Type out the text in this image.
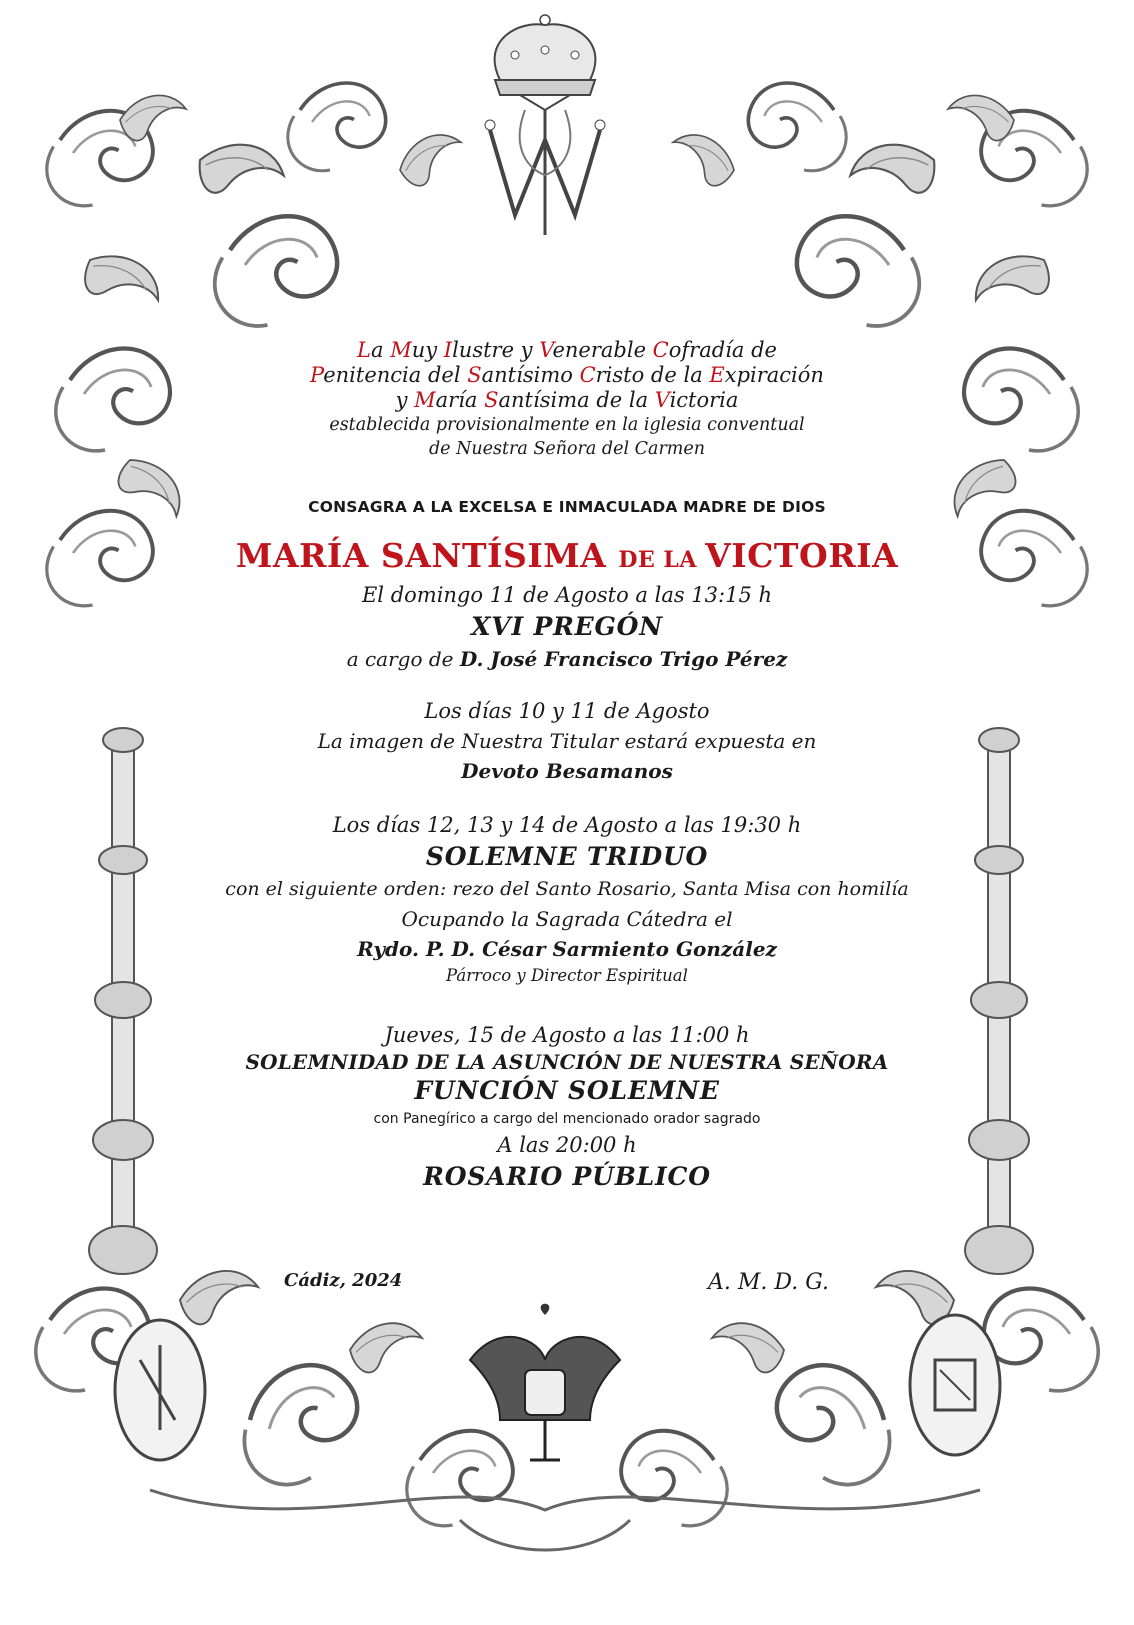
La Muy Ilustre y Venerable Cofradía de
Penitencia del Santísimo Cristo de la Expiración
y María Santísima de la Victoria
establecida provisionalmente en la iglesia conventual
de Nuestra Señora del Carmen
CONSAGRA A LA EXCELSA E INMACULADA MADRE DE DIOS
MARÍA SANTÍSIMA DE LA VICTORIA
El domingo 11 de Agosto a las 13:15 h
XVI PREGÓN
a cargo de D. José Francisco Trigo Pérez
Los días 10 y 11 de Agosto
La imagen de Nuestra Titular estará expuesta en
Devoto Besamanos
Los días 12, 13 y 14 de Agosto a las 19:30 h
SOLEMNE TRIDUO
con el siguiente orden: rezo del Santo Rosario, Santa Misa con homilía
Ocupando la Sagrada Cátedra el
Rydo. P. D. César Sarmiento González
Párroco y Director Espiritual
Jueves, 15 de Agosto a las 11:00 h
SOLEMNIDAD DE LA ASUNCIÓN DE NUESTRA SEÑORA
FUNCIÓN SOLEMNE
con Panegírico a cargo del mencionado orador sagrado
A las 20:00 h
ROSARIO PÚBLICO
Cádiz, 2024	A. M. D. G.
